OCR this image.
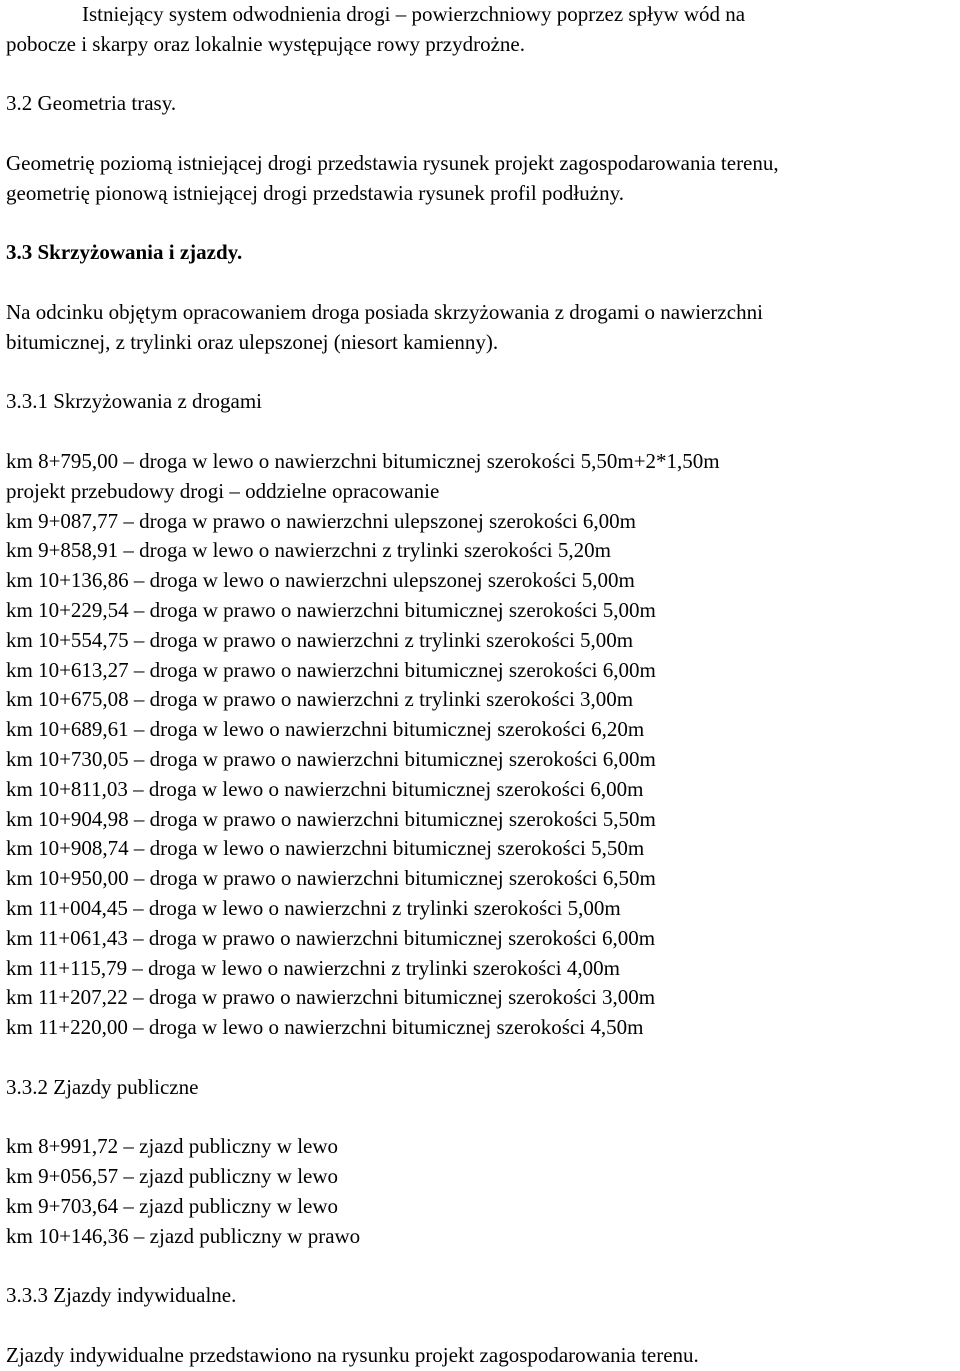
Istniejący system odwodnienia drogi – powierzchniowy poprzez spływ wód na
pobocze i skarpy oraz lokalnie występujące rowy przydrożne.
3.2 Geometria trasy.
Geometrię poziomą istniejącej drogi przedstawia rysunek projekt zagospodarowania terenu,
geometrię pionową istniejącej drogi przedstawia rysunek profil podłużny.
3.3 Skrzyżowania i zjazdy.
Na odcinku objętym opracowaniem droga posiada skrzyżowania z drogami o nawierzchni
bitumicznej, z trylinki oraz ulepszonej (niesort kamienny).
3.3.1 Skrzyżowania z drogami
km 8+795,00 – droga w lewo o nawierzchni bitumicznej szerokości 5,50m+2*1,50m
projekt przebudowy drogi – oddzielne opracowanie
km 9+087,77 – droga w prawo o nawierzchni ulepszonej szerokości 6,00m
km 9+858,91 – droga w lewo o nawierzchni z trylinki szerokości 5,20m
km 10+136,86 – droga w lewo o nawierzchni ulepszonej szerokości 5,00m
km 10+229,54 – droga w prawo o nawierzchni bitumicznej szerokości 5,00m
km 10+554,75 – droga w prawo o nawierzchni z trylinki szerokości 5,00m
km 10+613,27 – droga w prawo o nawierzchni bitumicznej szerokości 6,00m
km 10+675,08 – droga w prawo o nawierzchni z trylinki szerokości 3,00m
km 10+689,61 – droga w lewo o nawierzchni bitumicznej szerokości 6,20m
km 10+730,05 – droga w prawo o nawierzchni bitumicznej szerokości 6,00m
km 10+811,03 – droga w lewo o nawierzchni bitumicznej szerokości 6,00m
km 10+904,98 – droga w prawo o nawierzchni bitumicznej szerokości 5,50m
km 10+908,74 – droga w lewo o nawierzchni bitumicznej szerokości 5,50m
km 10+950,00 – droga w prawo o nawierzchni bitumicznej szerokości 6,50m
km 11+004,45 – droga w lewo o nawierzchni z trylinki szerokości 5,00m
km 11+061,43 – droga w prawo o nawierzchni bitumicznej szerokości 6,00m
km 11+115,79 – droga w lewo o nawierzchni z trylinki szerokości 4,00m
km 11+207,22 – droga w prawo o nawierzchni bitumicznej szerokości 3,00m
km 11+220,00 – droga w lewo o nawierzchni bitumicznej szerokości 4,50m
3.3.2 Zjazdy publiczne
km 8+991,72 – zjazd publiczny w lewo
km 9+056,57 – zjazd publiczny w lewo
km 9+703,64 – zjazd publiczny w lewo
km 10+146,36 – zjazd publiczny w prawo
3.3.3 Zjazdy indywidualne.
Zjazdy indywidualne przedstawiono na rysunku projekt zagospodarowania terenu.
